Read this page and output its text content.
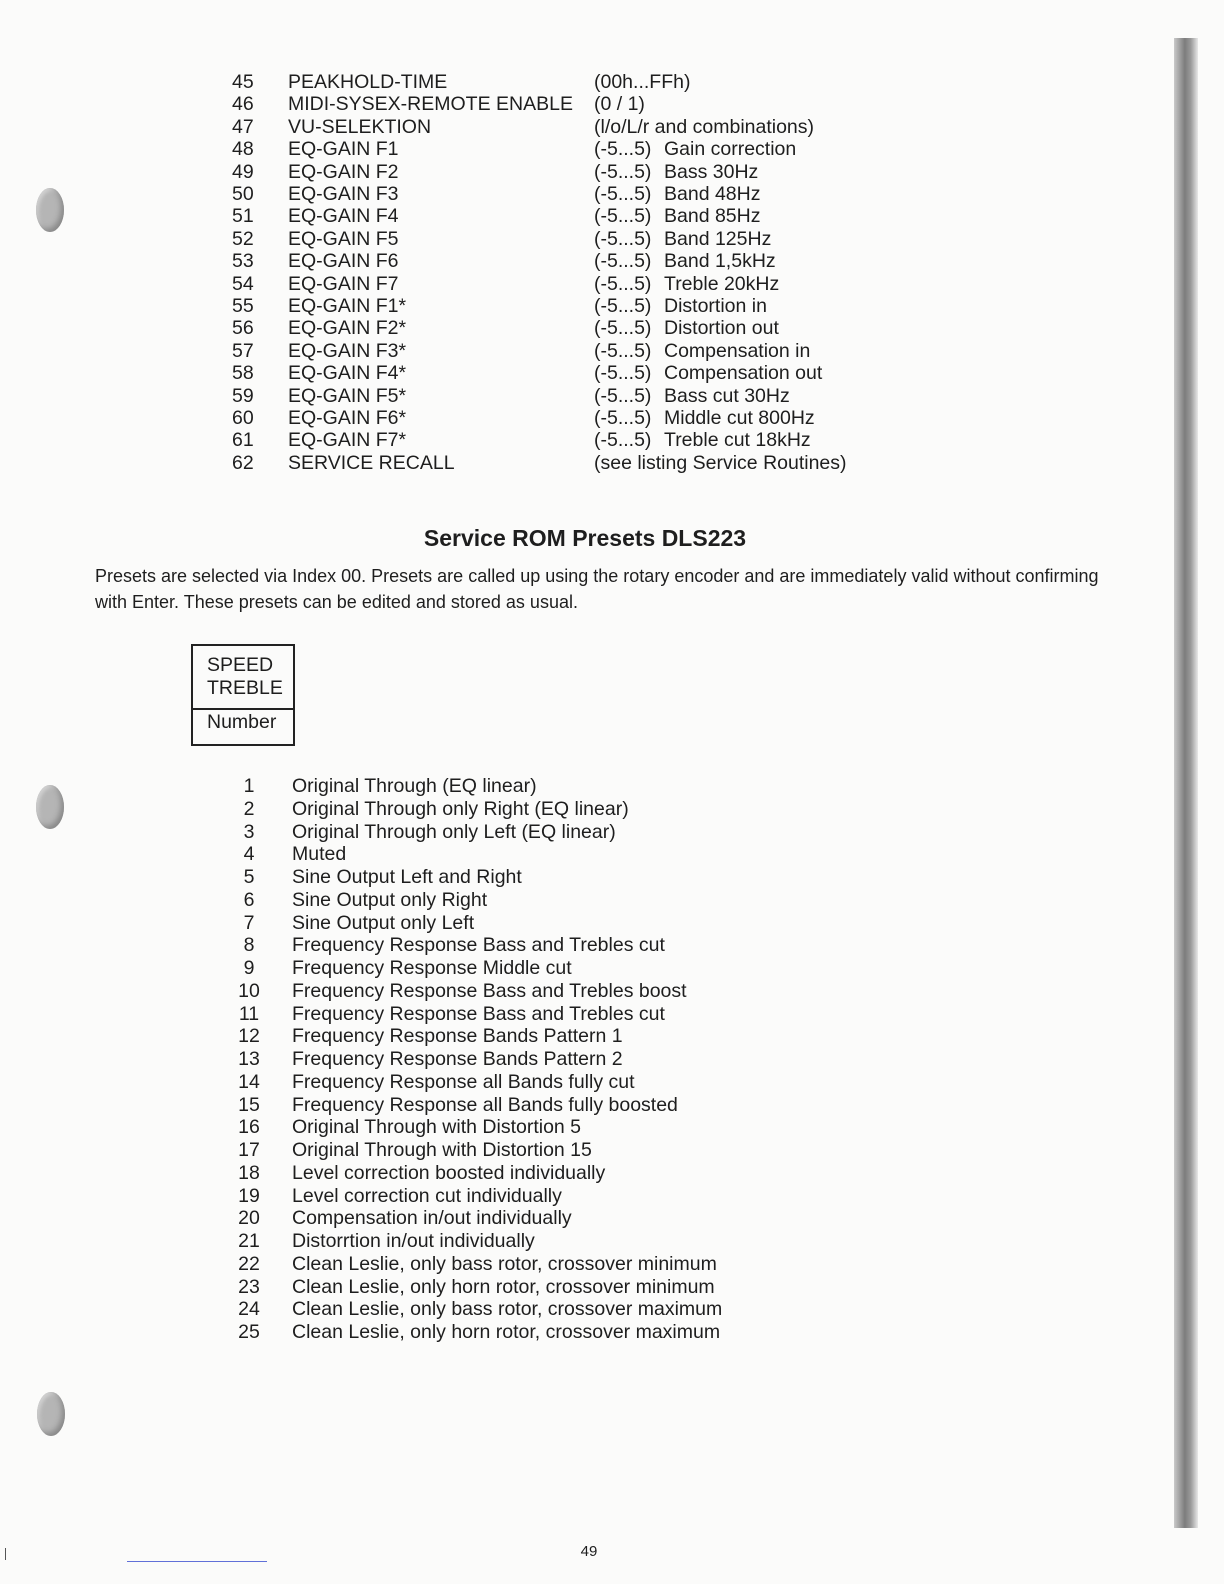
45 PEAKHOLD-TIME	(00h...FFh)
46 MIDI-SYSEX-REMOTE ENABLE (0 / 1)
47 VU-SELEKTION	(l/o/L/r and combinations)
48 EQ-GAIN F1	(-5...5) Gain correction
49 EQ-GAIN F2	(-5...5) Bass 30Hz
50 EQ-GAIN F3	(-5...5) Band 48Hz
51 EQ-GAIN F4	(-5...5) Band 85Hz
52 EQ-GAIN F5	(-5...5) Band 125Hz
53 EQ-GAIN F6	(-5...5) Band 1,5kHz
54 EQ-GAIN F7	(-5...5) Treble 20kHz
55 EQ-GAIN F1*	(-5...5) Distortion in
56 EQ-GAIN F2*	(-5...5) Distortion out
57 EQ-GAIN F3*	(-5...5) Compensation in
58 EQ-GAIN F4*	(-5...5) Compensation out
59 EQ-GAIN F5*	(-5...5) Bass cut 30Hz
60 EQ-GAIN F6*	(-5...5) Middle cut 800Hz
61 EQ-GAIN F7*	(-5...5) Treble cut 18kHz
62 SERVICE RECALL	(see listing Service Routines)
Service ROM Presets DLS223
Presets are selected via Index 00. Presets are called up using the rotary encoder and are immediately valid without confirming with Enter. These presets can be edited and stored as usual.
SPEED
TREBLE
Number
1	Original Through (EQ linear)
2	Original Through only Right (EQ linear)
3	Original Through only Left (EQ linear)
4	Muted
5	Sine Output Left and Right
6	Sine Output only Right
7	Sine Output only Left
8	Frequency Response Bass and Trebles cut
9	Frequency Response Middle cut
10 Frequency Response Bass and Trebles boost
11 Frequency Response Bass and Trebles cut
12 Frequency Response Bands Pattern 1
13 Frequency Response Bands Pattern 2
14 Frequency Response all Bands fully cut
15 Frequency Response all Bands fully boosted
16 Original Through with Distortion 5
17 Original Through with Distortion 15
18 Level correction boosted individually
19 Level correction cut individually
20 Compensation in/out individually
21 Distorrtion in/out individually
22 Clean Leslie, only bass rotor, crossover minimum
23 Clean Leslie, only horn rotor, crossover minimum
24 Clean Leslie, only bass rotor, crossover maximum
25 Clean Leslie, only horn rotor, crossover maximum
49
